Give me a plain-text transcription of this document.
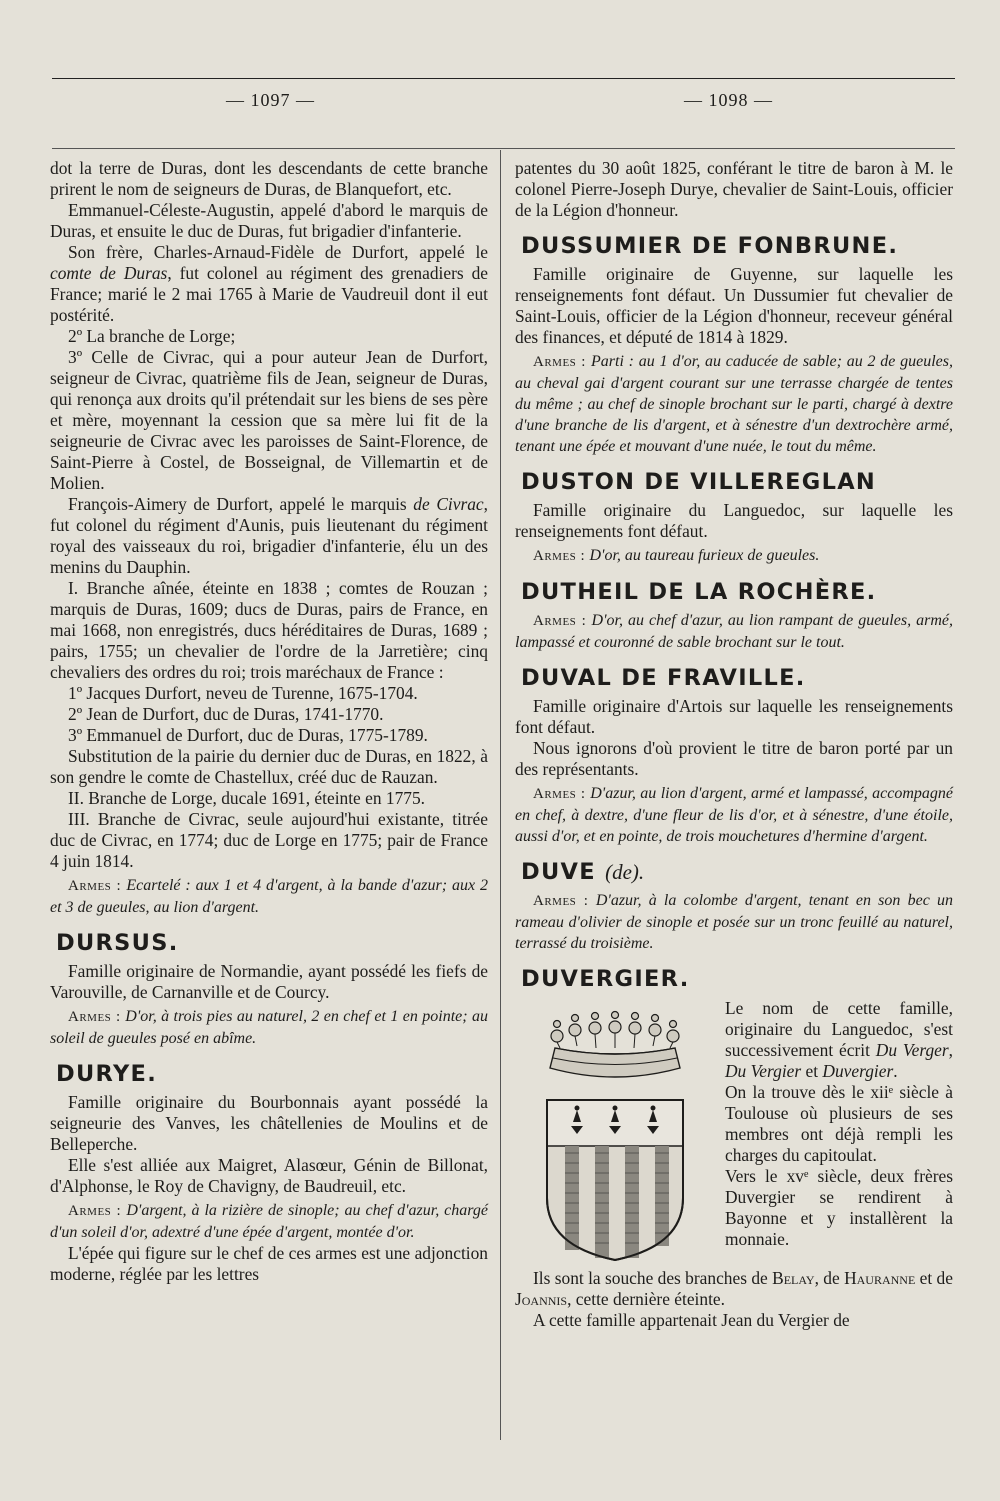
— 1097 —	— 1098 —

dot la terre de Duras, dont les descendants de cette branche prirent le nom de seigneurs de Duras, de Blanquefort, etc.

Emmanuel-Céleste-Augustin, appelé d'abord le marquis de Duras, et ensuite le duc de Duras, fut brigadier d'infanterie.

Son frère, Charles-Arnaud-Fidèle de Durfort, appelé le comte de Duras, fut colonel au régiment des grenadiers de France; marié le 2 mai 1765 à Marie de Vaudreuil dont il eut postérité.

2º La branche de Lorge;

3º Celle de Civrac, qui a pour auteur Jean de Durfort, seigneur de Civrac, quatrième fils de Jean, seigneur de Duras, qui renonça aux droits qu'il prétendait sur les biens de ses père et mère, moyennant la cession que sa mère lui fit de la seigneurie de Civrac avec les paroisses de Saint-Florence, de Saint-Pierre à Costel, de Bosseignal, de Villemartin et de Molien.

François-Aimery de Durfort, appelé le marquis de Civrac, fut colonel du régiment d'Aunis, puis lieutenant du régiment royal des vaisseaux du roi, brigadier d'infanterie, élu un des menins du Dauphin.

I. Branche aînée, éteinte en 1838 ; comtes de Rouzan ; marquis de Duras, 1609; ducs de Duras, pairs de France, en mai 1668, non enregistrés, ducs héréditaires de Duras, 1689 ; pairs, 1755; un chevalier de l'ordre de la Jarretière; cinq chevaliers des ordres du roi; trois maréchaux de France :

1º Jacques Durfort, neveu de Turenne, 1675-1704.

2º Jean de Durfort, duc de Duras, 1741-1770.

3º Emmanuel de Durfort, duc de Duras, 1775-1789.

Substitution de la pairie du dernier duc de Duras, en 1822, à son gendre le comte de Chastellux, créé duc de Rauzan.

II. Branche de Lorge, ducale 1691, éteinte en 1775.

III. Branche de Civrac, seule aujourd'hui existante, titrée duc de Civrac, en 1774; duc de Lorge en 1775; pair de France 4 juin 1814.

Armes : Ecartelé : aux 1 et 4 d'argent, à la bande d'azur; aux 2 et 3 de gueules, au lion d'argent.

DURSUS.

Famille originaire de Normandie, ayant possédé les fiefs de Varouville, de Carnanville et de Courcy.

Armes : D'or, à trois pies au naturel, 2 en chef et 1 en pointe; au soleil de gueules posé en abîme.

DURYE.

Famille originaire du Bourbonnais ayant possédé la seigneurie des Vanves, les châtellenies de Moulins et de Belleperche.

Elle s'est alliée aux Maigret, Alasœur, Génin de Billonat, d'Alphonse, le Roy de Chavigny, de Baudreuil, etc.

Armes : D'argent, à la rizière de sinople; au chef d'azur, chargé d'un soleil d'or, adextré d'une épée d'argent, montée d'or.

L'épée qui figure sur le chef de ces armes est une adjonction moderne, réglée par les lettres

patentes du 30 août 1825, conférant le titre de baron à M. le colonel Pierre-Joseph Durye, chevalier de Saint-Louis, officier de la Légion d'honneur.

DUSSUMIER DE FONBRUNE.

Famille originaire de Guyenne, sur laquelle les renseignements font défaut. Un Dussumier fut chevalier de Saint-Louis, officier de la Légion d'honneur, receveur général des finances, et député de 1814 à 1829.

Armes : Parti : au 1 d'or, au caducée de sable; au 2 de gueules, au cheval gai d'argent courant sur une terrasse chargée de tentes du même ; au chef de sinople brochant sur le parti, chargé à dextre d'une branche de lis d'argent, et à sénestre d'un dextrochère armé, tenant une épée et mouvant d'une nuée, le tout du même.

DUSTON DE VILLEREGLAN

Famille originaire du Languedoc, sur laquelle les renseignements font défaut.

Armes : D'or, au taureau furieux de gueules.

DUTHEIL DE LA ROCHÈRE.

Armes : D'or, au chef d'azur, au lion rampant de gueules, armé, lampassé et couronné de sable brochant sur le tout.

DUVAL DE FRAVILLE.

Famille originaire d'Artois sur laquelle les renseignements font défaut.

Nous ignorons d'où provient le titre de baron porté par un des représentants.

Armes : D'azur, au lion d'argent, armé et lampassé, accompagné en chef, à dextre, d'une fleur de lis d'or, et à sénestre, d'une étoile, aussi d'or, et en pointe, de trois mouchetures d'hermine d'argent.

DUVE (de).

Armes : D'azur, à la colombe d'argent, tenant en son bec un rameau d'olivier de sinople et posée sur un tronc feuillé au naturel, terrassé du troisième.

DUVERGIER.

Le nom de cette famille, originaire du Languedoc, s'est successivement écrit Du Verger, Du Vergier et Duvergier.

On la trouve dès le xiiᵉ siècle à Toulouse où plusieurs de ses membres ont déjà rempli les charges du capitoulat.

Vers le xvᵉ siècle, deux frères Duvergier se rendirent à Bayonne et y installèrent la monnaie.

Ils sont la souche des branches de Belay, de Hauranne et de Joannis, cette dernière éteinte.

A cette famille appartenait Jean du Vergier de
